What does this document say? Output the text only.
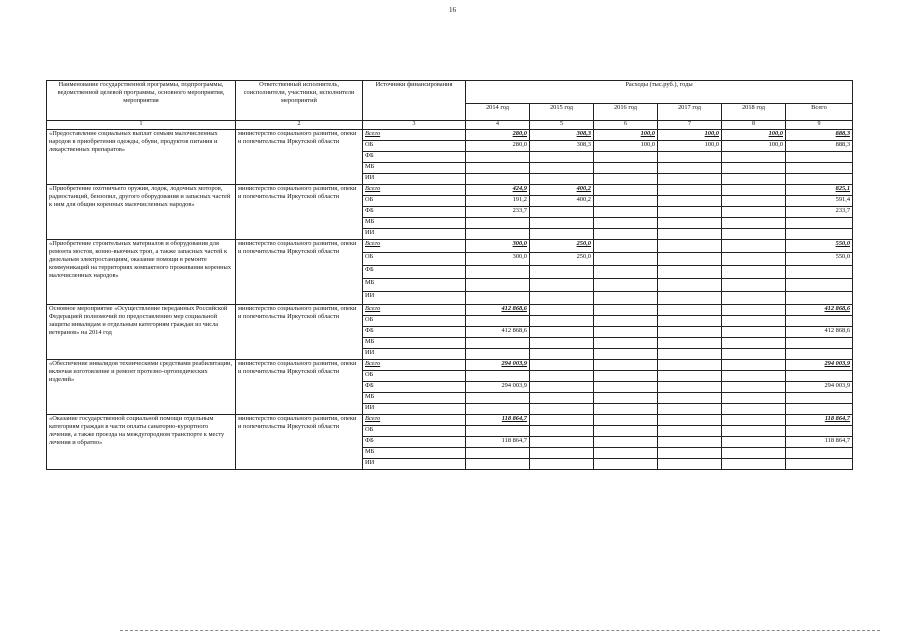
16
Наименование государственной программы, подпрограммы, ведомственной целевой программы, основного мероприятия, мероприятия	Ответственный исполнитель, соисполнители, участники, исполнители мероприятий	Источники финансирования	Расходы (тыс.руб.), годы					
			2014 год	2015 год	2016 год	2017 год	2018 год	Всего
1	2	3	4	5	6	7	8	9
«Предоставление социальных выплат семьям малочисленных народов в приобретении одежды, обуви, продуктов питания и лекарственных препаратов»	министерство социального развития, опеки и попечительства Иркутской области	Всего	280,0	308,3	100,0	100,0	100,0	888,3
		ОБ	280,0	308,3	100,0	100,0	100,0	888,3
		ФБ						
		МБ						
		ИИ						
«Приобретение охотничьего оружия, лодок, лодочных моторов, радиостанций, бензопил, другого оборудования и запасных частей к ним для общин коренных малочисленных народов»	министерство социального развития, опеки и попечительства Иркутской области	Всего	424,9	400,2				825,1
		ОБ	191,2	400,2				591,4
		ФБ	233,7					233,7
		МБ						
		ИИ						
«Приобретение строительных материалов и оборудования для ремонта мостов, конно-вьючных троп, а также запасных частей к дизельным электростанциям, оказание помощи в ремонте коммуникаций на территориях компактного проживания коренных малочисленных народов»	министерство социального развития, опеки и попечительства Иркутской области	Всего	300,0	250,0				550,0
		ОБ	300,0	250,0				550,0
		ФБ						
		МБ						
		ИИ						
Основное мероприятие «Осуществление переданных Российской Федерацией полномочий по предоставлению мер социальной защиты инвалидам и отдельным категориям граждан из числа ветеранов» на 2014 год	министерство социального развития, опеки и попечительства Иркутской области	Всего	412 868,6					412 868,6
		ОБ						
		ФБ	412 868,6					412 868,6
		МБ						
		ИИ						
«Обеспечение инвалидов техническими средствами реабилитации, включая изготовление и ремонт протезно-ортопедических изделий»	министерство социального развития, опеки и попечительства Иркутской области	Всего	294 003,9					294 003,9
		ОБ						
		ФБ	294 003,9					294 003,9
		МБ						
		ИИ						
«Оказание государственной социальной помощи отдельным категориям граждан в части оплаты санаторно-курортного лечения, а также проезда на междугородном транспорте к месту лечения и обратно»	министерство социального развития, опеки и попечительства Иркутской области	Всего	118 864,7					118 864,7
		ОБ						
		ФБ	118 864,7					118 864,7
		МБ						
		ИИ						
